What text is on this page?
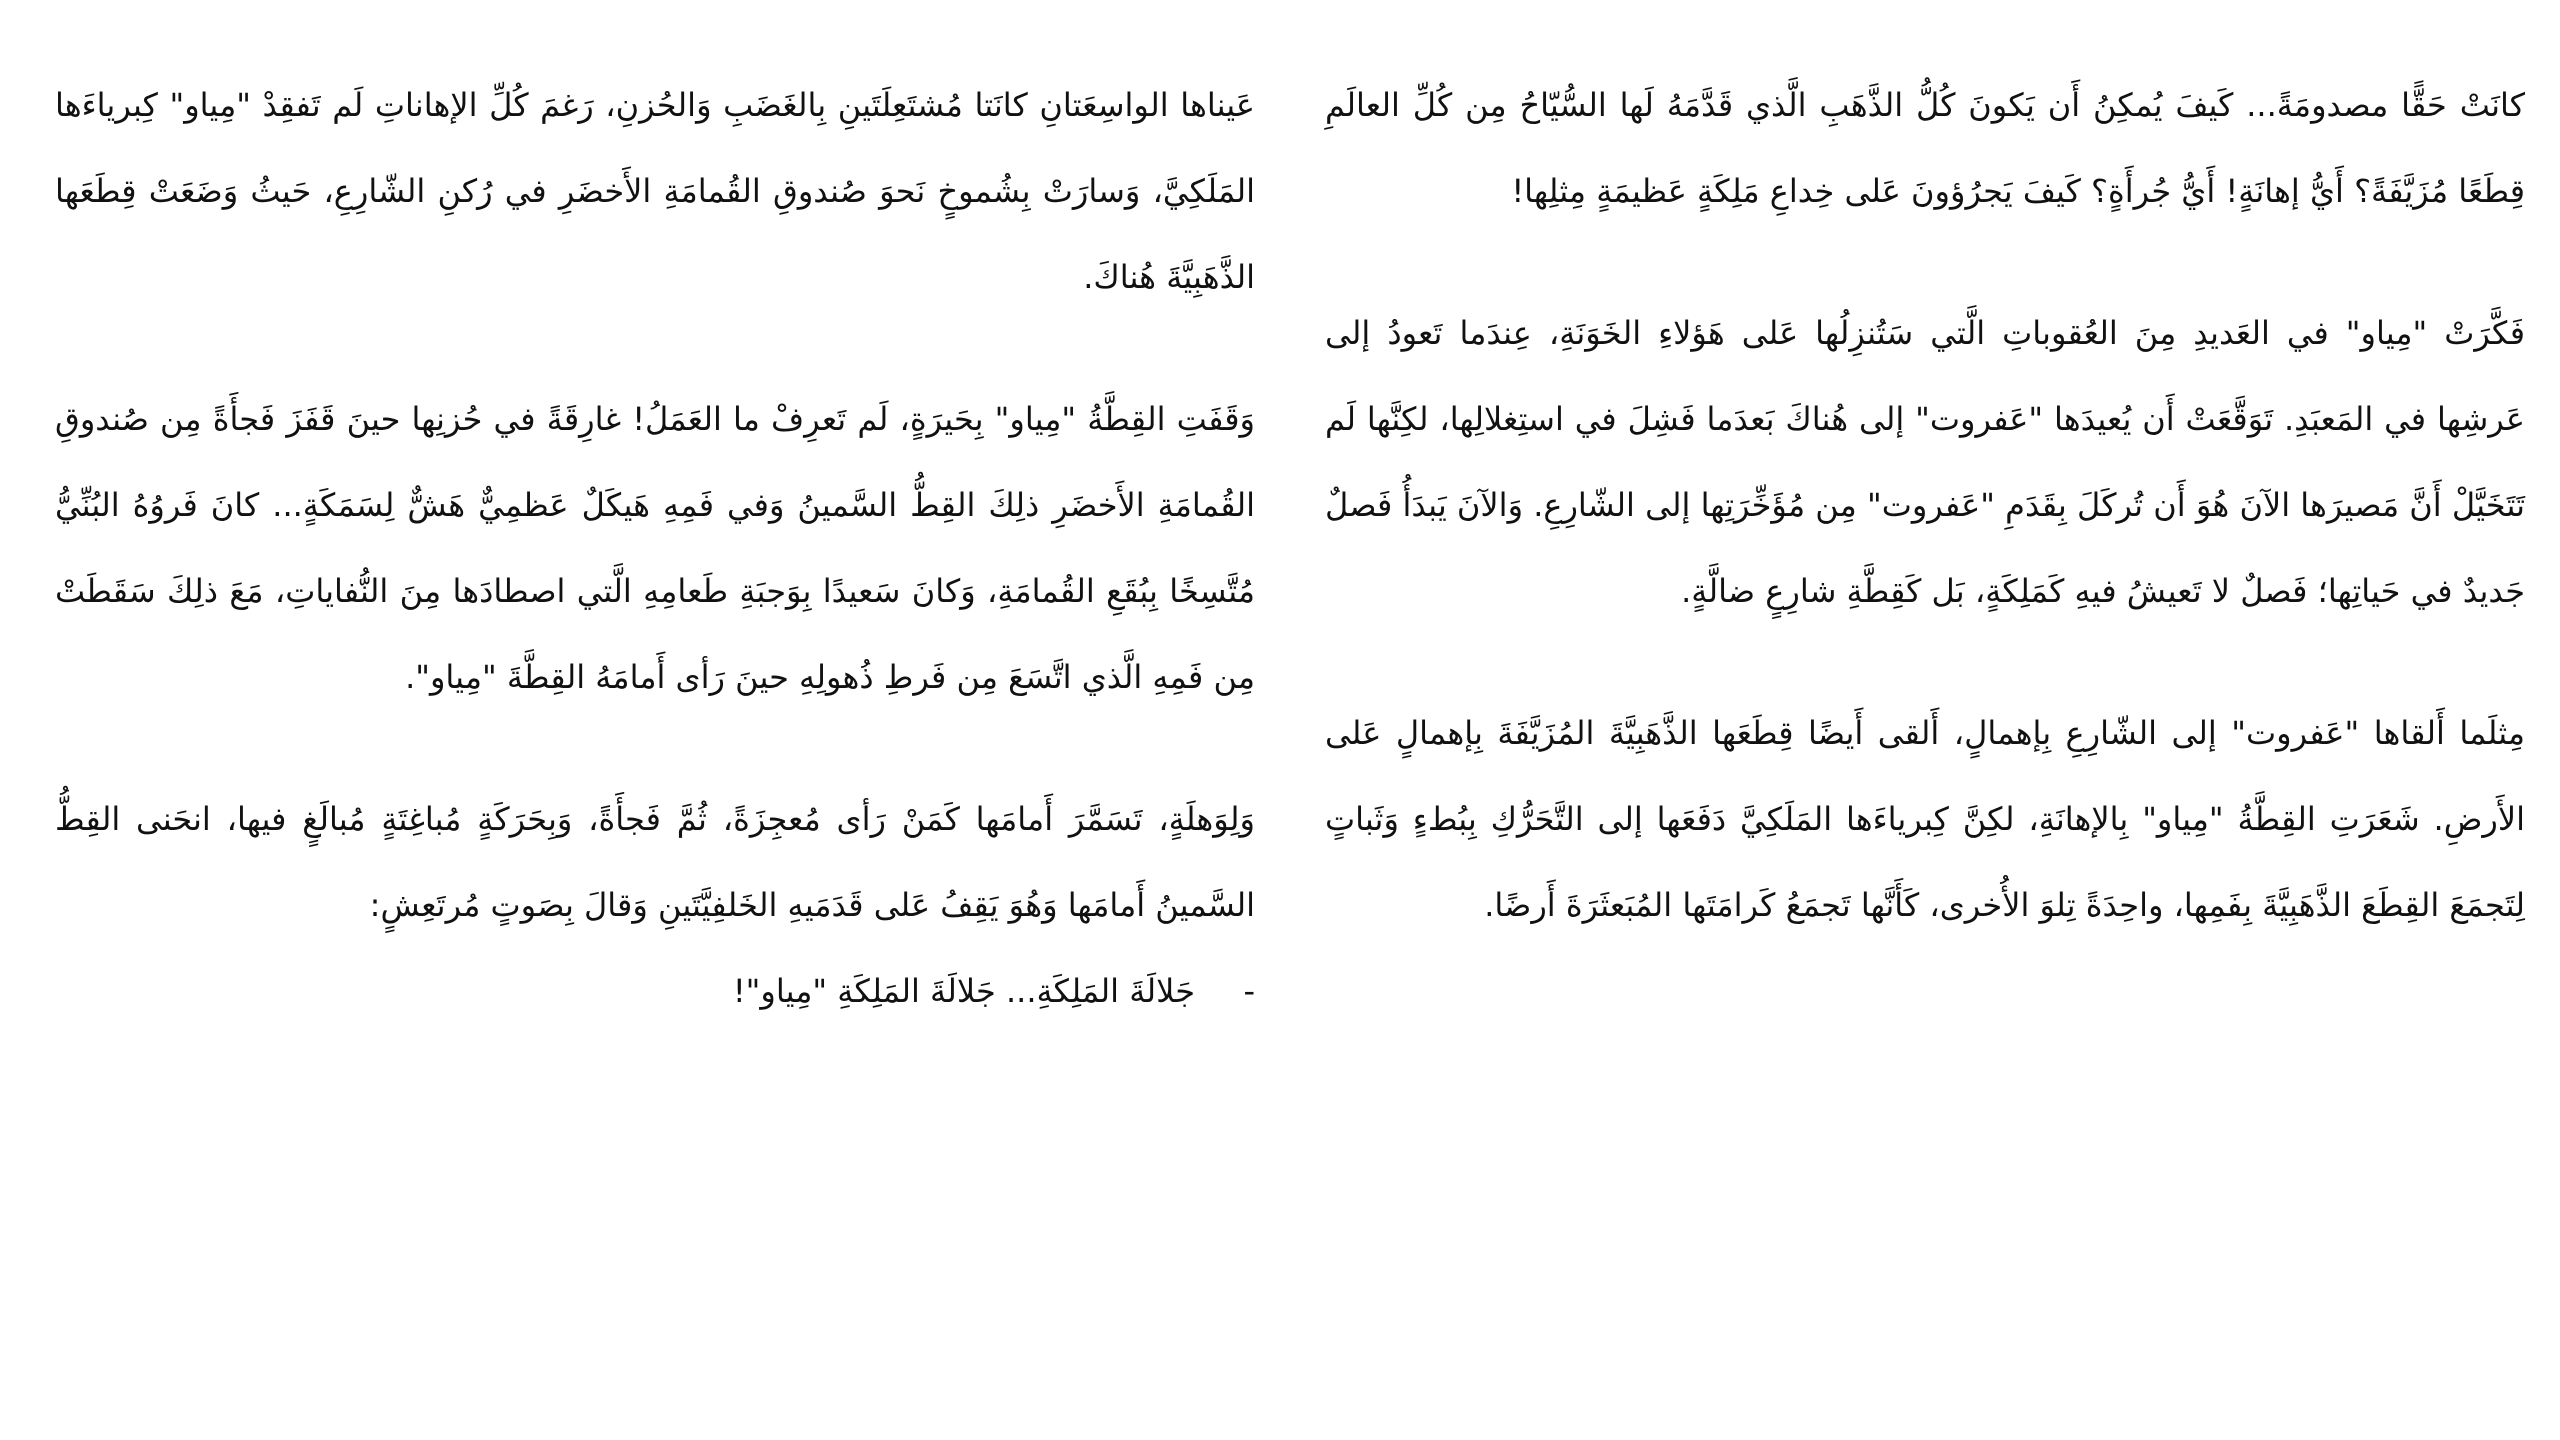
كانَتْ حَقًّا مصدومَةً... كَيفَ يُمكِنُ أَن يَكونَ كُلُّ الذَّهَبِ الَّذي قَدَّمَهُ لَها السُّيّاحُ مِن كُلِّ العالَمِ قِطَعًا مُزَيَّفَةً؟ أَيُّ إهانَةٍ! أَيُّ جُرأَةٍ؟ كَيفَ يَجرُؤونَ عَلى خِداعِ مَلِكَةٍ عَظيمَةٍ مِثلِها!

فَكَّرَتْ "مِياو" في العَديدِ مِنَ العُقوباتِ الَّتي سَتُنزِلُها عَلى هَؤلاءِ الخَوَنَةِ، عِندَما تَعودُ إلى عَرشِها في المَعبَدِ. تَوَقَّعَتْ أَن يُعيدَها "عَفروت" إلى هُناكَ بَعدَما فَشِلَ في استِغلالِها، لكِنَّها لَم تَتَخَيَّلْ أَنَّ مَصيرَها الآنَ هُوَ أَن تُركَلَ بِقَدَمِ "عَفروت" مِن مُؤَخِّرَتِها إلى الشّارِعِ. وَالآنَ يَبدَأُ فَصلٌ جَديدٌ في حَياتِها؛ فَصلٌ لا تَعيشُ فيهِ كَمَلِكَةٍ، بَل كَقِطَّةِ شارِعٍ ضالَّةٍ.

مِثلَما أَلقاها "عَفروت" إلى الشّارِعِ بِإهمالٍ، أَلقى أَيضًا قِطَعَها الذَّهَبِيَّةَ المُزَيَّفَةَ بِإهمالٍ عَلى الأَرضِ. شَعَرَتِ القِطَّةُ "مِياو" بِالإهانَةِ، لكِنَّ كِبرياءَها المَلَكِيَّ دَفَعَها إلى التَّحَرُّكِ بِبُطءٍ وَثَباتٍ لِتَجمَعَ القِطَعَ الذَّهَبِيَّةَ بِفَمِها، واحِدَةً تِلوَ الأُخرى، كَأَنَّها تَجمَعُ كَرامَتَها المُبَعثَرَةَ أَرضًا.

عَيناها الواسِعَتانِ كانَتا مُشتَعِلَتَينِ بِالغَضَبِ وَالحُزنِ، رَغمَ كُلِّ الإهاناتِ لَم تَفقِدْ "مِياو" كِبرياءَها المَلَكِيَّ، وَسارَتْ بِشُموخٍ نَحوَ صُندوقِ القُمامَةِ الأَخضَرِ في رُكنِ الشّارِعِ، حَيثُ وَضَعَتْ قِطَعَها الذَّهَبِيَّةَ هُناكَ.

وَقَفَتِ القِطَّةُ "مِياو" بِحَيرَةٍ، لَم تَعرِفْ ما العَمَلُ! غارِقَةً في حُزنِها حينَ قَفَزَ فَجأَةً مِن صُندوقِ القُمامَةِ الأَخضَرِ ذلِكَ القِطُّ السَّمينُ وَفي فَمِهِ هَيكَلٌ عَظمِيٌّ هَشٌّ لِسَمَكَةٍ... كانَ فَروُهُ البُنِّيُّ مُتَّسِخًا بِبُقَعِ القُمامَةِ، وَكانَ سَعيدًا بِوَجبَةِ طَعامِهِ الَّتي اصطادَها مِنَ النُّفاياتِ، مَعَ ذلِكَ سَقَطَتْ مِن فَمِهِ الَّذي اتَّسَعَ مِن فَرطِ ذُهولِهِ حينَ رَأى أَمامَهُ القِطَّةَ "مِياو".

وَلِوَهلَةٍ، تَسَمَّرَ أَمامَها كَمَنْ رَأى مُعجِزَةً، ثُمَّ فَجأَةً، وَبِحَرَكَةٍ مُباغِتَةٍ مُبالَغٍ فيها، انحَنى القِطُّ السَّمينُ أَمامَها وَهُوَ يَقِفُ عَلى قَدَمَيهِ الخَلفِيَّتَينِ وَقالَ بِصَوتٍ مُرتَعِشٍ:

-
جَلالَةَ المَلِكَةِ... جَلالَةَ المَلِكَةِ "مِياو"!
